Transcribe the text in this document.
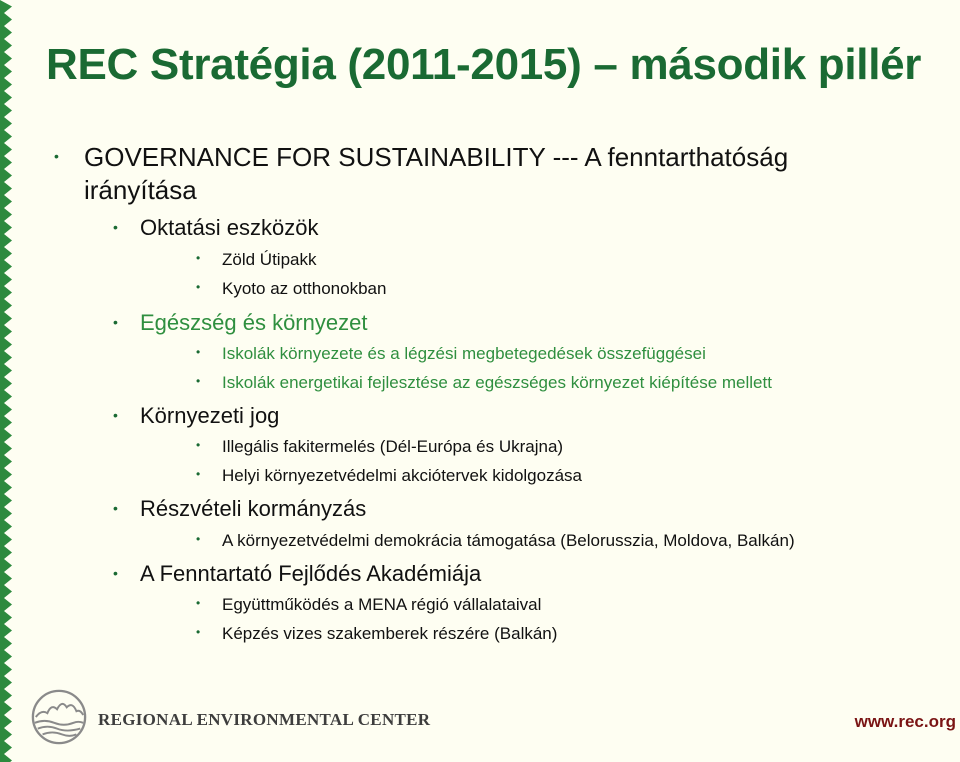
REC Stratégia (2011-2015) – második pillér
• GOVERNANCE FOR SUSTAINABILITY --- A fenntarthatóság
irányítása
• Oktatási eszközök
• Zöld Útipakk
• Kyoto az otthonokban
• Egészség és környezet
• Iskolák környezete és a légzési megbetegedések összefüggései
• Iskolák energetikai fejlesztése az egészséges környezet kiépítése mellett
• Környezeti jog
• Illegális fakitermelés (Dél-Európa és Ukrajna)
• Helyi környezetvédelmi akciótervek kidolgozása
• Részvételi kormányzás
• A környezetvédelmi demokrácia támogatása (Belorusszia, Moldova, Balkán)
• A Fenntartató Fejlődés Akadémiája
• Együttműködés a MENA régió vállalataival
• Képzés vizes szakemberek részére (Balkán)
REGIONAL ENVIRONMENTAL CENTER	www.rec.org
